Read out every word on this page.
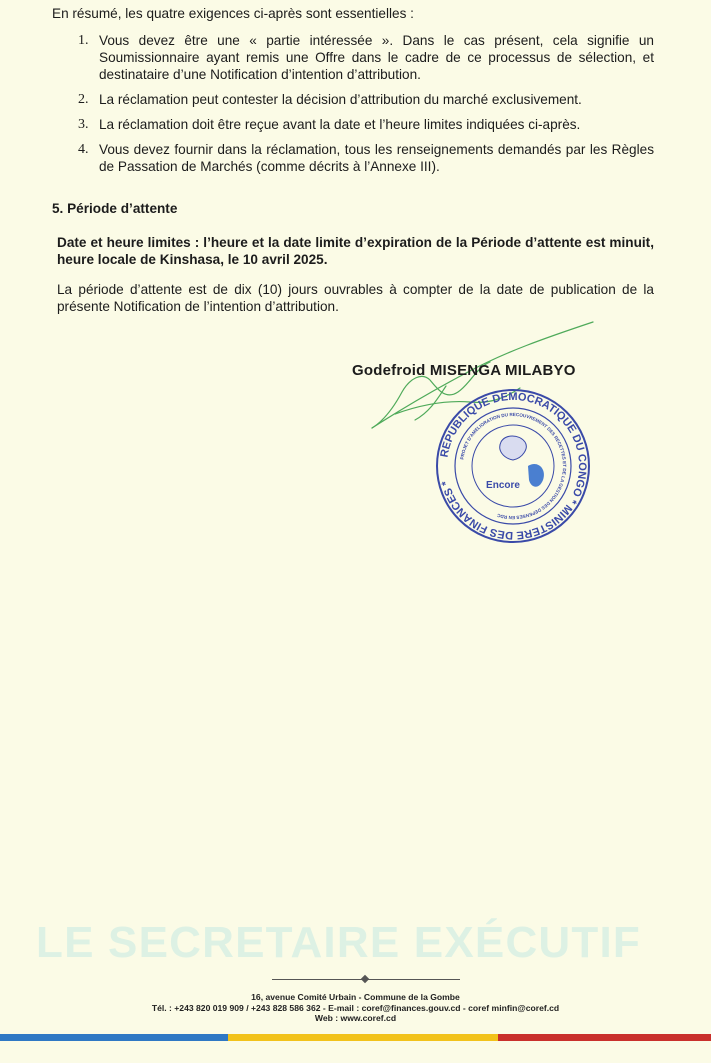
En résumé, les quatre exigences ci-après sont essentielles :

1. Vous devez être une « partie intéressée ». Dans le cas présent, cela signifie un Soumissionnaire ayant remis une Offre dans le cadre de ce processus de sélection, et destinataire d’une Notification d’intention d’attribution.
2. La réclamation peut contester la décision d’attribution du marché exclusivement.
3. La réclamation doit être reçue avant la date et l’heure limites indiquées ci-après.
4. Vous devez fournir dans la réclamation, tous les renseignements demandés par les Règles de Passation de Marchés (comme décrits à l’Annexe III).

5. Période d’attente

Date et heure limites : l’heure et la date limite d’expiration de la Période d’attente est minuit, heure locale de Kinshasa, le 10 avril 2025.

La période d’attente est de dix (10) jours ouvrables à compter de la date de publication de la présente Notification de l’intention d’attribution.

Godefroid MISENGA MILABYO

REPUBLIQUE DEMOCRATIQUE DU CONGO * MINISTERE DES FINANCES *
PROJET D'AMELIORATION DU RECOUVREMENT DES RECETTES ET DE LA GESTION DES DEPENSES EN RDC
Encore

LE SECRETAIRE EXÉCUTIF

16, avenue Comité Urbain - Commune de la Gombe
Tél. : +243 820 019 909 / +243 828 586 362 - E-mail : coref@finances.gouv.cd - coref minfin@coref.cd
Web : www.coref.cd
